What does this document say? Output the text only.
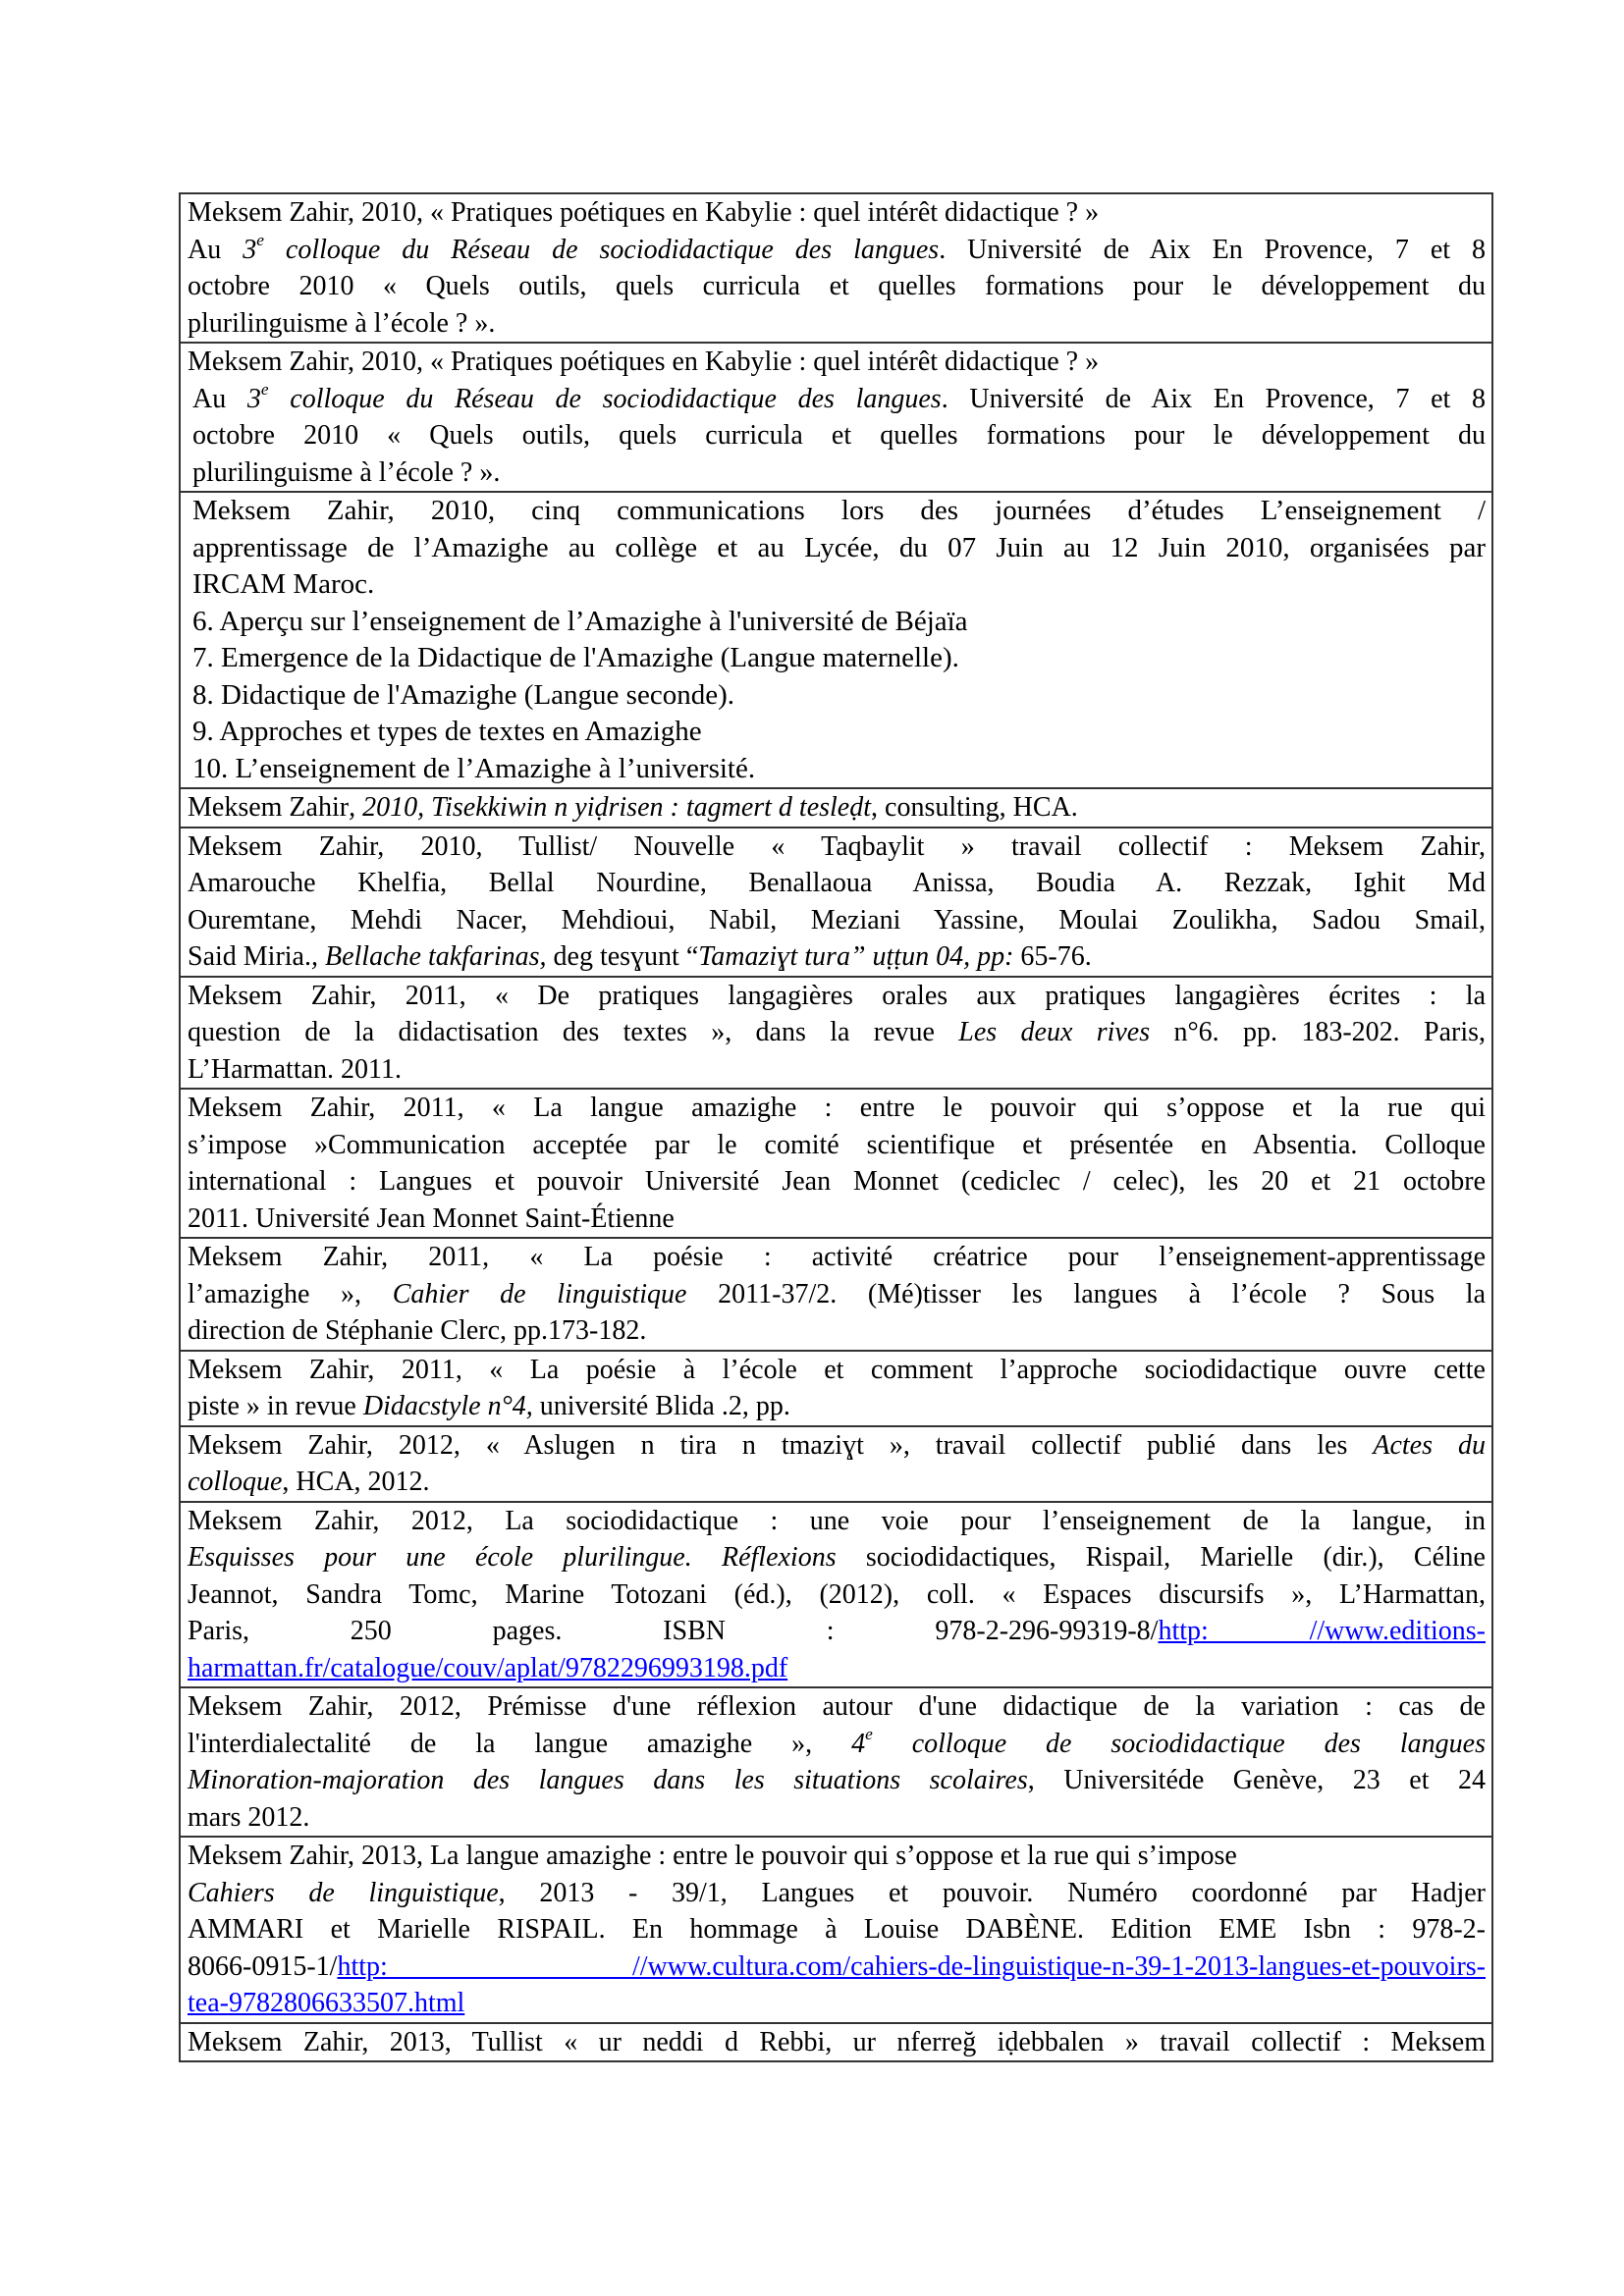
Meksem Zahir, 2010, « Pratiques poétiques en Kabylie : quel intérêt didactique ? »
Au 3e colloque du Réseau de sociodidactique des langues. Université de Aix En Provence, 7 et 8
octobre 2010 « Quels outils, quels curricula et quelles formations pour le développement du
plurilinguisme à l’école ? ».

Meksem Zahir, 2010, « Pratiques poétiques en Kabylie : quel intérêt didactique ? »
Au 3e colloque du Réseau de sociodidactique des langues. Université de Aix En Provence, 7 et 8
octobre 2010 « Quels outils, quels curricula et quelles formations pour le développement du
plurilinguisme à l’école ? ».

Meksem Zahir, 2010, cinq communications lors des journées d’études L’enseignement /
apprentissage de l’Amazighe au collège et au Lycée, du 07 Juin au 12 Juin 2010, organisées par
IRCAM Maroc.
6. Aperçu sur l’enseignement de l’Amazighe à l'université de Béjaïa
7. Emergence de la Didactique de l'Amazighe (Langue maternelle).
8. Didactique de l'Amazighe (Langue seconde).
9. Approches et types de textes en Amazighe
10. L’enseignement de l’Amazighe à l’université.

Meksem Zahir, 2010, Tisekkiwin n yiḍrisen : tagmert d tesleḍt, consulting, HCA.

Meksem Zahir, 2010, Tullist/ Nouvelle « Taqbaylit » travail collectif : Meksem Zahir,
Amarouche Khelfia, Bellal Nourdine, Benallaoua Anissa, Boudia A. Rezzak, Ighit Md
Ouremtane, Mehdi Nacer, Mehdioui, Nabil, Meziani Yassine, Moulai Zoulikha, Sadou Smail,
Said Miria., Bellache takfarinas, deg tesɣunt “Tamaziɣt tura” uṭṭun 04, pp: 65-76.

Meksem Zahir, 2011, « De pratiques langagières orales aux pratiques langagières écrites : la
question de la didactisation des textes », dans la revue Les deux rives n°6. pp. 183-202. Paris,
L’Harmattan. 2011.

Meksem Zahir, 2011, « La langue amazighe : entre le pouvoir qui s’oppose et la rue qui
s’impose »Communication acceptée par le comité scientifique et présentée en Absentia. Colloque
international : Langues et pouvoir Université Jean Monnet (cediclec / celec), les 20 et 21 octobre
2011. Université Jean Monnet Saint-Étienne

Meksem Zahir, 2011, « La poésie : activité créatrice pour l’enseignement-apprentissage
l’amazighe », Cahier de linguistique 2011-37/2. (Mé)tisser les langues à l’école ? Sous la
direction de Stéphanie Clerc, pp.173-182.

Meksem Zahir, 2011, « La poésie à l’école et comment l’approche sociodidactique ouvre cette
piste » in revue Didacstyle n°4, université Blida .2, pp.

Meksem Zahir, 2012, « Aslugen n tira n tmaziɣt », travail collectif publié dans les Actes du
colloque, HCA, 2012.

Meksem Zahir, 2012, La sociodidactique : une voie pour l’enseignement de la langue, in
Esquisses pour une école plurilingue. Réflexions sociodidactiques, Rispail, Marielle (dir.), Céline
Jeannot, Sandra Tomc, Marine Totozani (éd.), (2012), coll. « Espaces discursifs », L’Harmattan,
Paris, 250 pages. ISBN : 978-2-296-99319-8/http: //www.editions-
harmattan.fr/catalogue/couv/aplat/9782296993198.pdf

Meksem Zahir, 2012, Prémisse d'une réflexion autour d'une didactique de la variation : cas de
l'interdialectalité de la langue amazighe », 4e colloque de sociodidactique des langues
Minoration-majoration des langues dans les situations scolaires, Universitéde Genève, 23 et 24
mars 2012.

Meksem Zahir, 2013, La langue amazighe : entre le pouvoir qui s’oppose et la rue qui s’impose
Cahiers de linguistique, 2013 - 39/1, Langues et pouvoir. Numéro coordonné par Hadjer
AMMARI et Marielle RISPAIL. En hommage à Louise DABÈNE. Edition EME Isbn : 978-2-
8066-0915-1/http: //www.cultura.com/cahiers-de-linguistique-n-39-1-2013-langues-et-pouvoirs-
tea-9782806633507.html

Meksem Zahir, 2013, Tullist « ur neddi d Rebbi, ur nferreğ iḍebbalen » travail collectif : Meksem
